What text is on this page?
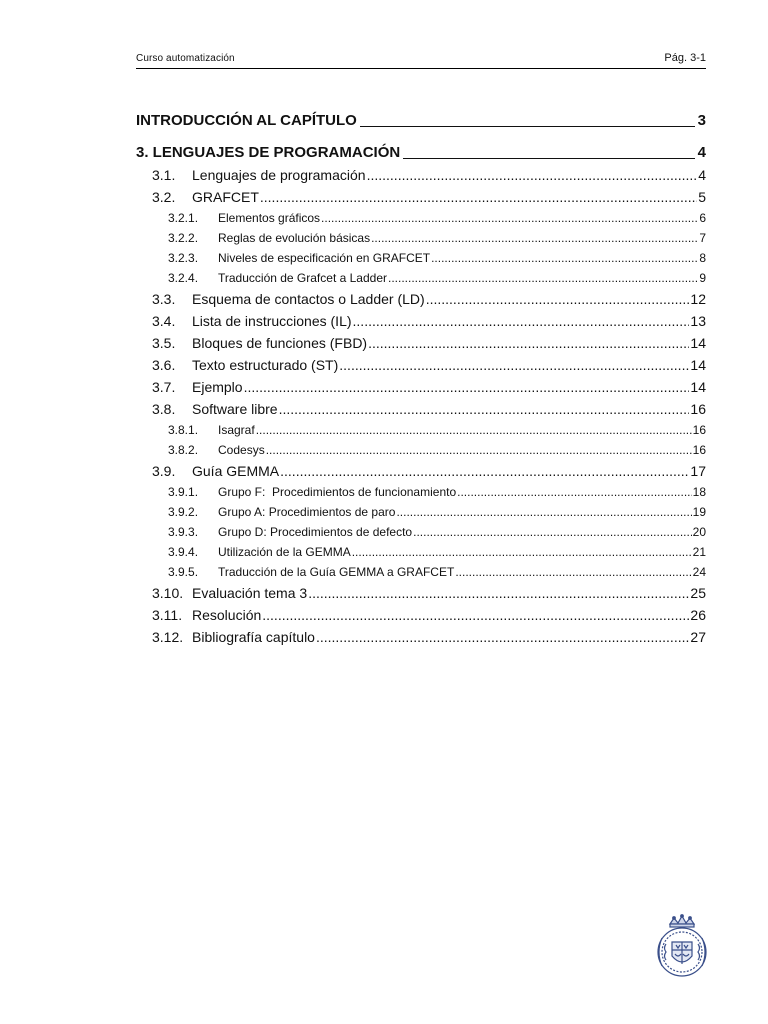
Curso automatización	Pág. 3-1
INTRODUCCIÓN AL CAPÍTULO	3
3. LENGUAJES DE PROGRAMACIÓN	4
3.1.	Lenguajes de programación .....	4
3.2.	GRAFCET .....	5
3.2.1.	Elementos gráficos .....	6
3.2.2.	Reglas de evolución básicas .....	7
3.2.3.	Niveles de especificación en GRAFCET .....	8
3.2.4.	Traducción de Grafcet a Ladder .....	9
3.3.	Esquema de contactos o Ladder (LD) .....	12
3.4.	Lista de instrucciones (IL) .....	13
3.5.	Bloques de funciones (FBD) .....	14
3.6.	Texto estructurado (ST) .....	14
3.7.	Ejemplo .....	14
3.8.	Software libre .....	16
3.8.1.	Isagraf .....	16
3.8.2.	Codesys .....	16
3.9.	Guía GEMMA .....	17
3.9.1.	Grupo F:  Procedimientos de funcionamiento .....	18
3.9.2.	Grupo A: Procedimientos de paro .....	19
3.9.3.	Grupo D: Procedimientos de defecto .....	20
3.9.4.	Utilización de la GEMMA .....	21
3.9.5.	Traducción de la Guía GEMMA a GRAFCET .....	24
3.10. Evaluación tema 3 .....	25
3.11. Resolución .....	26
3.12. Bibliografía capítulo .....	27
